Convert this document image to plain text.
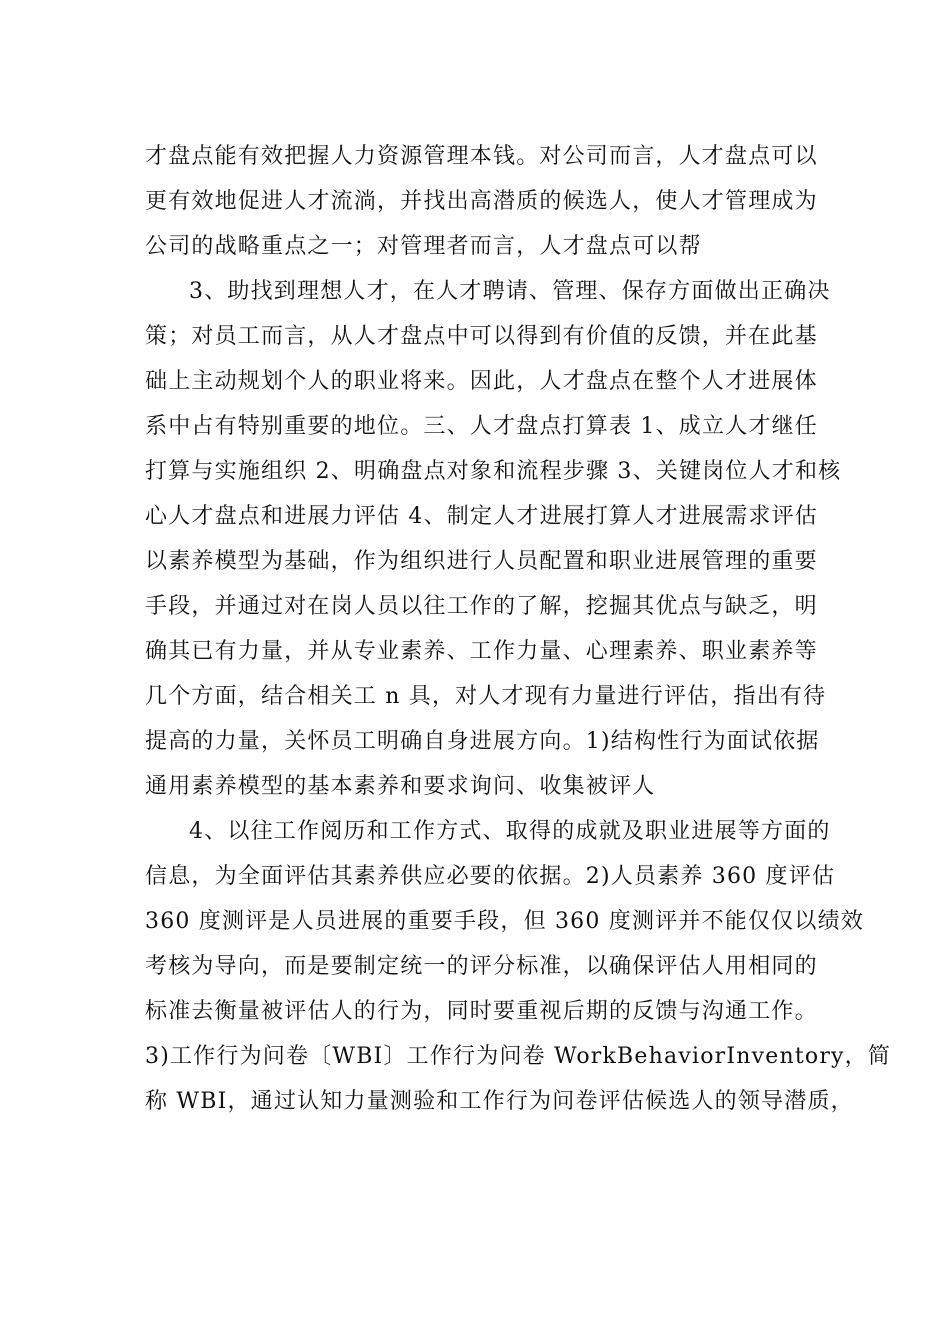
才盘点能有效把握人力资源管理本钱。对公司而言，人才盘点可以
更有效地促进人才流淌，并找出高潜质的候选人，使人才管理成为
公司的战略重点之一；对管理者而言，人才盘点可以帮
3、助找到理想人才，在人才聘请、管理、保存方面做出正确决
策；对员工而言，从人才盘点中可以得到有价值的反馈，并在此基
础上主动规划个人的职业将来。因此，人才盘点在整个人才进展体
系中占有特别重要的地位。三、人才盘点打算表 1、成立人才继任
打算与实施组织 2、明确盘点对象和流程步骤 3、关键岗位人才和核
心人才盘点和进展力评估 4、制定人才进展打算人才进展需求评估
以素养模型为基础，作为组织进行人员配置和职业进展管理的重要
手段，并通过对在岗人员以往工作的了解，挖掘其优点与缺乏，明
确其已有力量，并从专业素养、工作力量、心理素养、职业素养等
几个方面，结合相关工 n 具，对人才现有力量进行评估，指出有待
提高的力量，关怀员工明确自身进展方向。1)结构性行为面试依据
通用素养模型的基本素养和要求询问、收集被评人
4、以往工作阅历和工作方式、取得的成就及职业进展等方面的
信息，为全面评估其素养供应必要的依据。2)人员素养 360 度评估
360 度测评是人员进展的重要手段，但 360 度测评并不能仅仅以绩效
考核为导向，而是要制定统一的评分标准，以确保评估人用相同的
标准去衡量被评估人的行为，同时要重视后期的反馈与沟通工作。
3)工作行为问卷〔WBI〕工作行为问卷 WorkBehaviorInventory，简
称 WBI，通过认知力量测验和工作行为问卷评估候选人的领导潜质，
